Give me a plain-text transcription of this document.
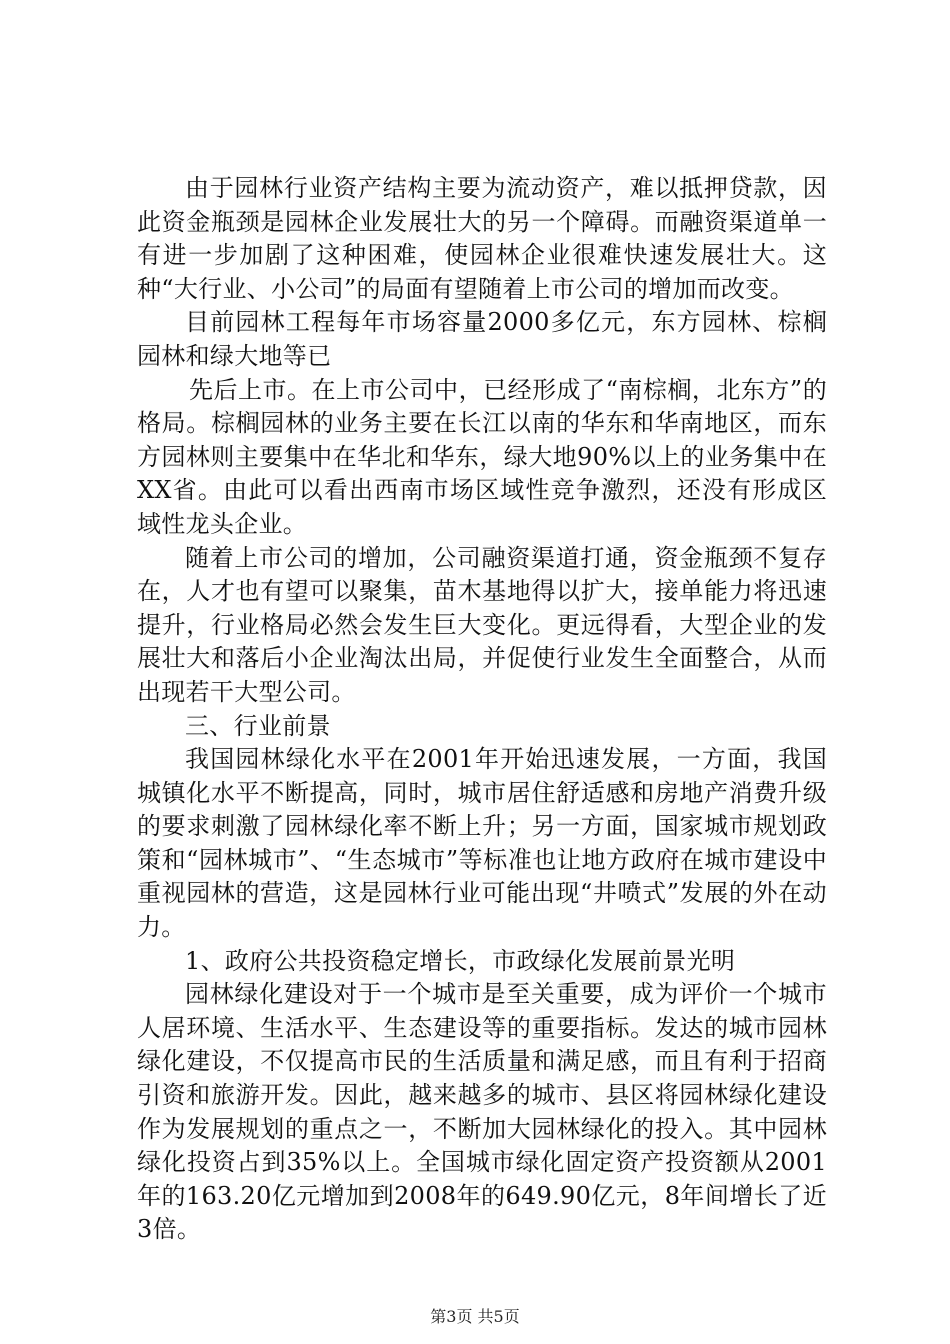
由于园林行业资产结构主要为流动资产，难以抵押贷款，因此资金瓶颈是园林企业发展壮大的另一个障碍。而融资渠道单一有进一步加剧了这种困难，使园林企业很难快速发展壮大。这种“大行业、小公司”的局面有望随着上市公司的增加而改变。

目前园林工程每年市场容量2000多亿元，东方园林、棕榈园林和绿大地等已

先后上市。在上市公司中，已经形成了“南棕榈，北东方”的格局。棕榈园林的业务主要在长江以南的华东和华南地区，而东方园林则主要集中在华北和华东，绿大地90%以上的业务集中在XX省。由此可以看出西南市场区域性竞争激烈，还没有形成区域性龙头企业。

随着上市公司的增加，公司融资渠道打通，资金瓶颈不复存在，人才也有望可以聚集，苗木基地得以扩大，接单能力将迅速提升，行业格局必然会发生巨大变化。更远得看，大型企业的发展壮大和落后小企业淘汰出局，并促使行业发生全面整合，从而出现若干大型公司。

三、行业前景

我国园林绿化水平在2001年开始迅速发展，一方面，我国城镇化水平不断提高，同时，城市居住舒适感和房地产消费升级的要求刺激了园林绿化率不断上升；另一方面，国家城市规划政策和“园林城市”、“生态城市”等标准也让地方政府在城市建设中重视园林的营造，这是园林行业可能出现“井喷式”发展的外在动力。

1、政府公共投资稳定增长，市政绿化发展前景光明

园林绿化建设对于一个城市是至关重要，成为评价一个城市人居环境、生活水平、生态建设等的重要指标。发达的城市园林绿化建设，不仅提高市民的生活质量和满足感，而且有利于招商引资和旅游开发。因此，越来越多的城市、县区将园林绿化建设作为发展规划的重点之一，不断加大园林绿化的投入。其中园林绿化投资占到35%以上。全国城市绿化固定资产投资额从2001年的163.20亿元增加到2008年的649.90亿元，8年间增长了近3倍。

第3页 共5页
